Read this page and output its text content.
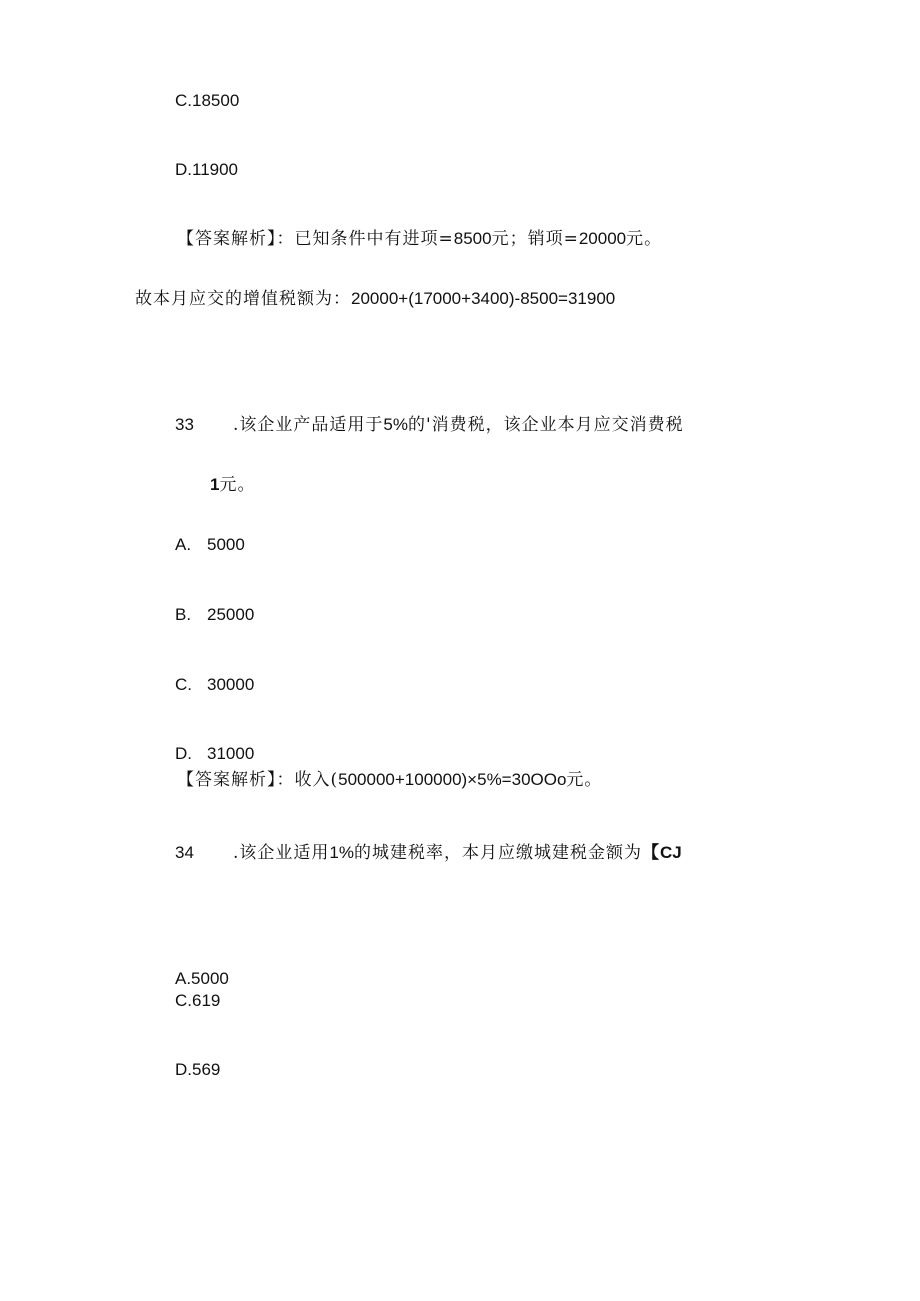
C.18500
D.11900
【答案解析】：已知条件中有进项=8500元；销项=20000元。
故本月应交的增值税额为：20000+(17000+3400)-8500=31900
33 .该企业产品适用于5%的'消费税，该企业本月应交消费税
1元。
A. 5000
B. 25000
C. 30000
D. 31000
【答案解析】：收入(500000+100000)×5%=30OOo元。
34 .该企业适用1%的城建税率，本月应缴城建税金额为【CJ
A.5000
C.619
D.569
